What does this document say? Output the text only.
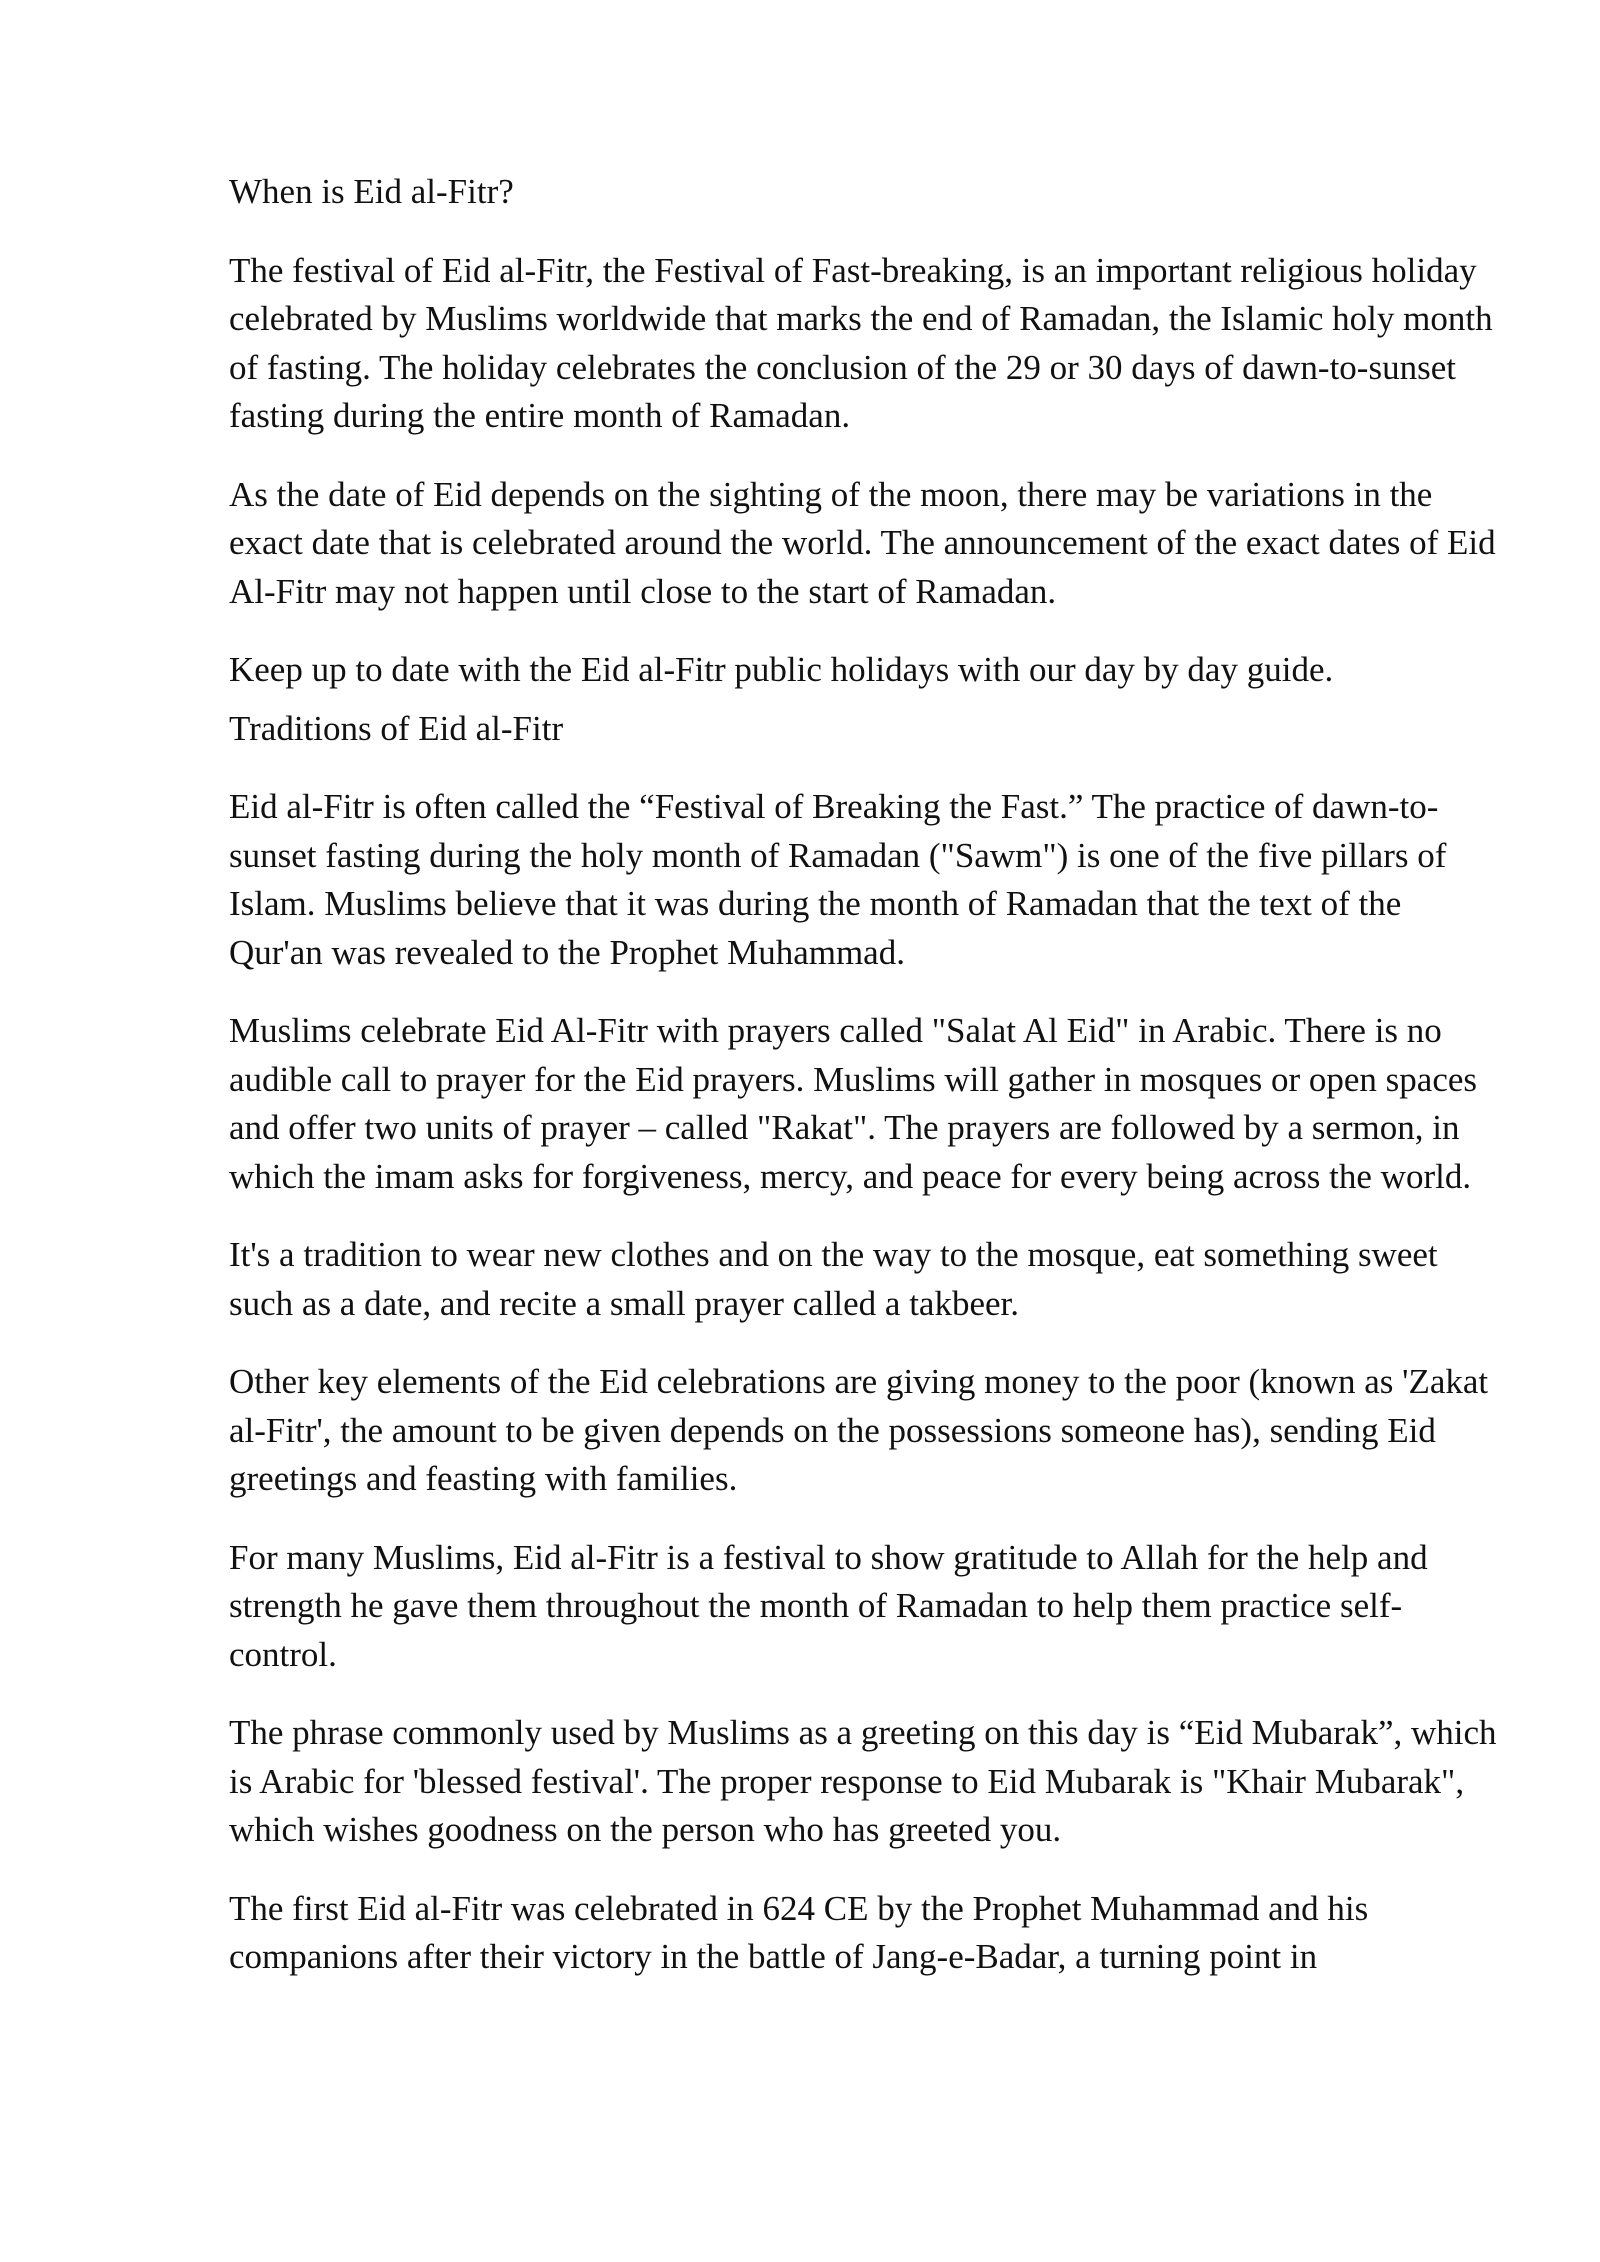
When is Eid al-Fitr?

The festival of Eid al-Fitr, the Festival of Fast-breaking, is an important religious holiday celebrated by Muslims worldwide that marks the end of Ramadan, the Islamic holy month of fasting. The holiday celebrates the conclusion of the 29 or 30 days of dawn-to-sunset fasting during the entire month of Ramadan.

As the date of Eid depends on the sighting of the moon, there may be variations in the exact date that is celebrated around the world. The announcement of the exact dates of Eid Al-Fitr may not happen until close to the start of Ramadan.

Keep up to date with the Eid al-Fitr public holidays with our day by day guide.

Traditions of Eid al-Fitr

Eid al-Fitr is often called the “Festival of Breaking the Fast.” The practice of dawn-to-sunset fasting during the holy month of Ramadan ("Sawm") is one of the five pillars of Islam. Muslims believe that it was during the month of Ramadan that the text of the Qur'an was revealed to the Prophet Muhammad.

Muslims celebrate Eid Al-Fitr with prayers called "Salat Al Eid" in Arabic. There is no audible call to prayer for the Eid prayers. Muslims will gather in mosques or open spaces and offer two units of prayer – called "Rakat". The prayers are followed by a sermon, in which the imam asks for forgiveness, mercy, and peace for every being across the world.

It's a tradition to wear new clothes and on the way to the mosque, eat something sweet such as a date, and recite a small prayer called a takbeer.

Other key elements of the Eid celebrations are giving money to the poor (known as 'Zakat al-Fitr', the amount to be given depends on the possessions someone has), sending Eid greetings and feasting with families.

For many Muslims, Eid al-Fitr is a festival to show gratitude to Allah for the help and strength he gave them throughout the month of Ramadan to help them practice self-control.

The phrase commonly used by Muslims as a greeting on this day is “Eid Mubarak”, which is Arabic for 'blessed festival'. The proper response to Eid Mubarak is "Khair Mubarak", which wishes goodness on the person who has greeted you.

The first Eid al-Fitr was celebrated in 624 CE by the Prophet Muhammad and his companions after their victory in the battle of Jang-e-Badar, a turning point in
